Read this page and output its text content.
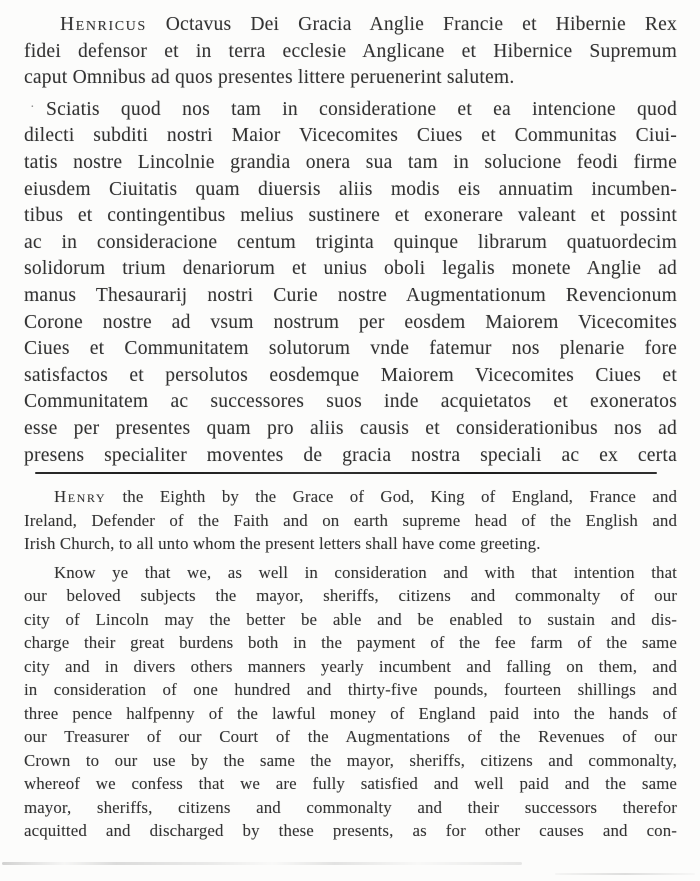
·
Henricus Octavus Dei Gracia Anglie Francie et Hibernie Rex
fidei defensor et in terra ecclesie Anglicane et Hibernice Supremum
caput Omnibus ad quos presentes littere peruenerint salutem.
Sciatis quod nos tam in consideratione et ea intencione quod
dilecti subditi nostri Maior Vicecomites Ciues et Communitas Ciui-
tatis nostre Lincolnie grandia onera sua tam in solucione feodi firme
eiusdem Ciuitatis quam diuersis aliis modis eis annuatim incumben-
tibus et contingentibus melius sustinere et exonerare valeant et possint
ac in consideracione centum triginta quinque librarum quatuordecim
solidorum trium denariorum et unius oboli legalis monete Anglie ad
manus Thesaurarij nostri Curie nostre Augmentationum Revencionum
Corone nostre ad vsum nostrum per eosdem Maiorem Vicecomites
Ciues et Communitatem solutorum vnde fatemur nos plenarie fore
satisfactos et persolutos eosdemque Maiorem Vicecomites Ciues et
Communitatem ac successores suos inde acquietatos et exoneratos
esse per presentes quam pro aliis causis et considerationibus nos ad
presens specialiter moventes de gracia nostra speciali ac ex certa
Henry the Eighth by the Grace of God, King of England, France and
Ireland, Defender of the Faith and on earth supreme head of the English and
Irish Church, to all unto whom the present letters shall have come greeting.
Know ye that we, as well in consideration and with that intention that
our beloved subjects the mayor, sheriffs, citizens and commonalty of our
city of Lincoln may the better be able and be enabled to sustain and dis-
charge their great burdens both in the payment of the fee farm of the same
city and in divers others manners yearly incumbent and falling on them, and
in consideration of one hundred and thirty-five pounds, fourteen shillings and
three pence halfpenny of the lawful money of England paid into the hands of
our Treasurer of our Court of the Augmentations of the Revenues of our
Crown to our use by the same the mayor, sheriffs, citizens and commonalty,
whereof we confess that we are fully satisfied and well paid and the same
mayor, sheriffs, citizens and commonalty and their successors therefor
acquitted and discharged by these presents, as for other causes and con-
